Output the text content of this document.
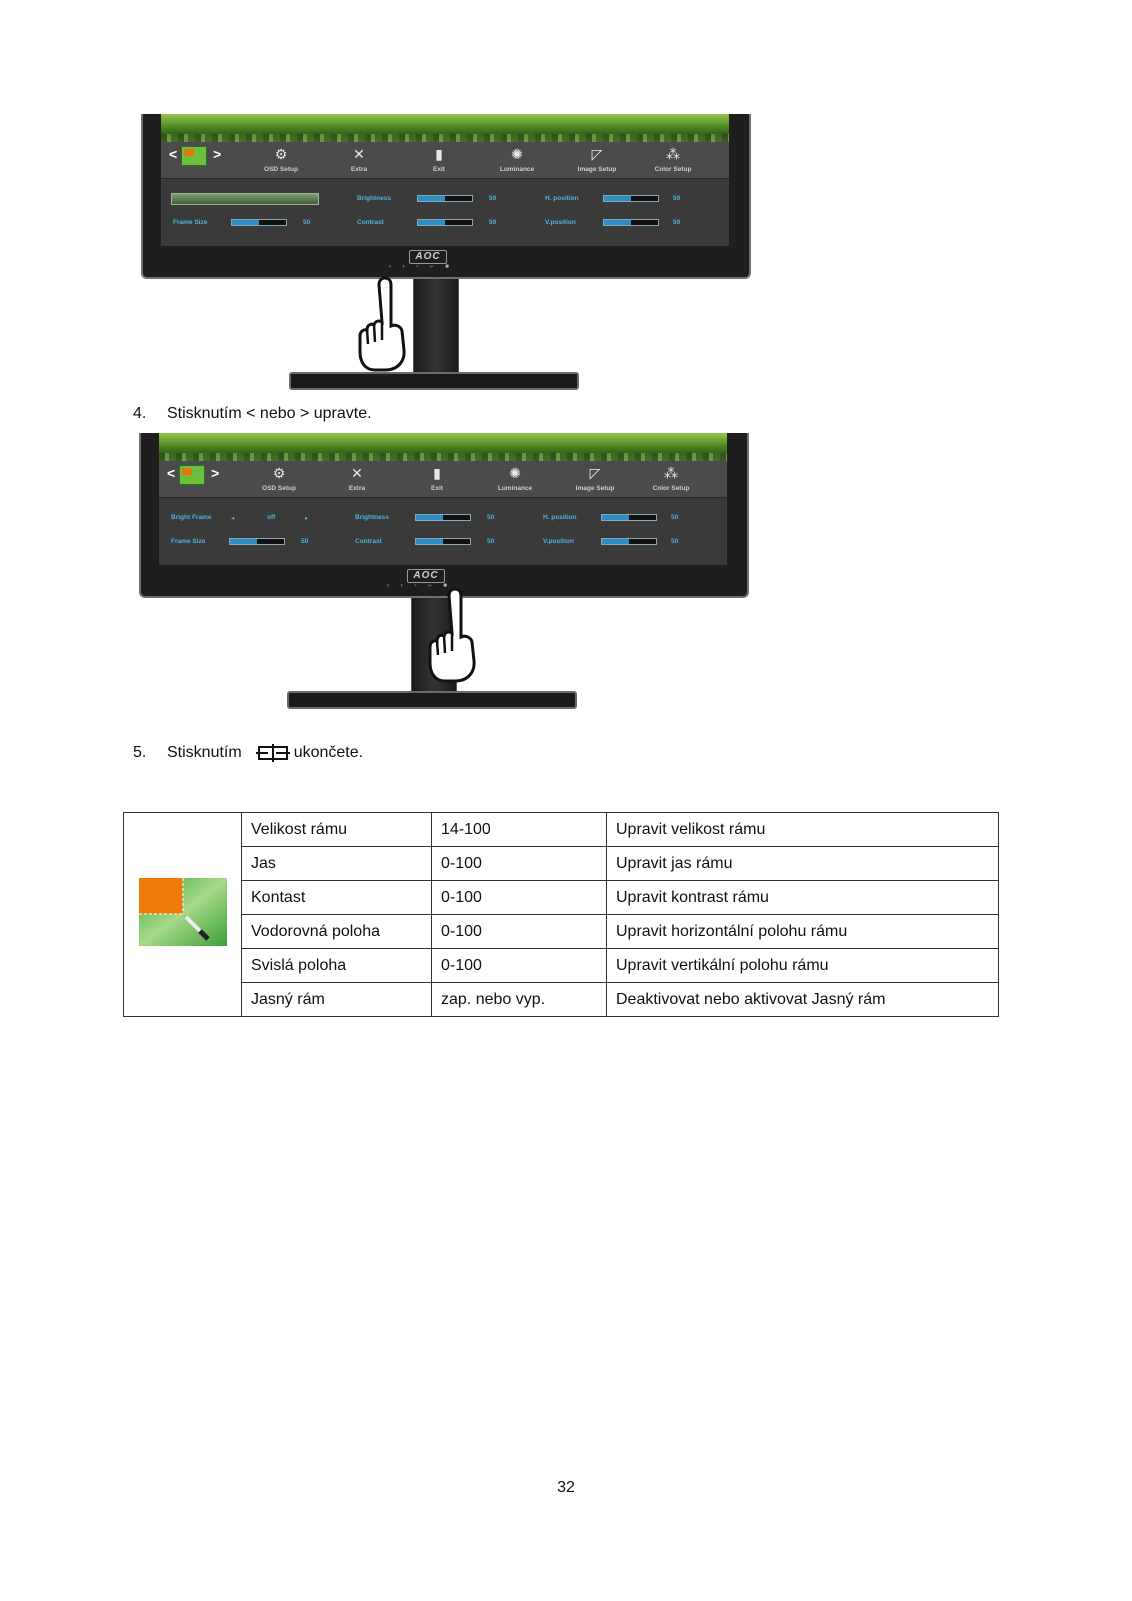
<	>	⚙
OSD Setup
✕
Extra
▮
Exit
✺
Luminance
◸
Image Setup
⁂
Color Setup
Frame Size	50
Brightness	50
Contrast	50
H. position	50
V.position	50
AOC
‹ › ▫ ⌐ ■
4. Stisknutím < nebo > upravte.
<	>	⚙
OSD Setup
✕
Extra
▮
Exit
✺
Luminance
◸
Image Setup
⁂
Color Setup
Bright Frame	◂	off	▸
Frame Size	50
Brightness	50
Contrast	50
H. position	50
V.position	50
AOC
‹ › ▫ ⌐ ■
5. Stisknutím	ukončete.
	Velikost rámu	14-100	Upravit velikost rámu
	Jas	0-100	Upravit jas rámu
	Kontast	0-100	Upravit kontrast rámu
	Vodorovná poloha	0-100	Upravit horizontální polohu rámu
	Svislá poloha	0-100	Upravit vertikální polohu rámu
	Jasný rám	zap. nebo vyp.	Deaktivovat nebo aktivovat Jasný rám
32
